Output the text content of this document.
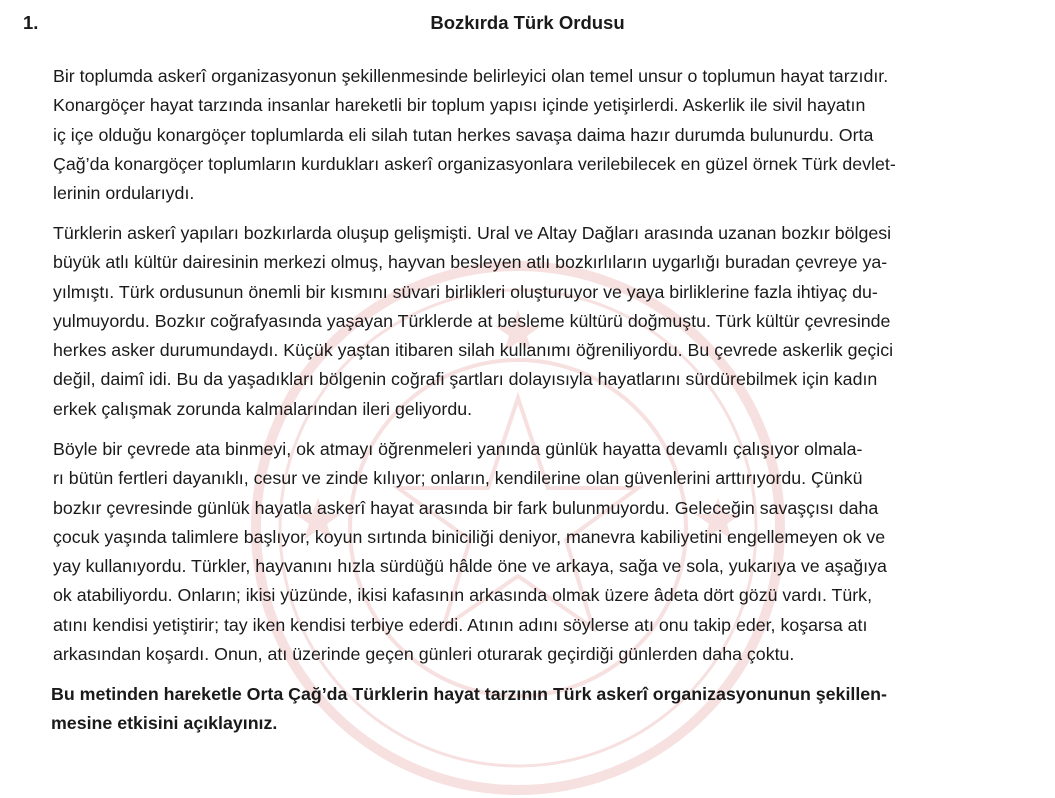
1.	Bozkırda Türk Ordusu

Bir toplumda askerî organizasyonun şekillenmesinde belirleyici olan temel unsur o toplumun hayat tarzıdır.
Konargöçer hayat tarzında insanlar hareketli bir toplum yapısı içinde yetişirlerdi. Askerlik ile sivil hayatın
iç içe olduğu konargöçer toplumlarda eli silah tutan herkes savaşa daima hazır durumda bulunurdu. Orta
Çağ’da konargöçer toplumların kurdukları askerî organizasyonlara verilebilecek en güzel örnek Türk devlet-
lerinin ordularıydı.

Türklerin askerî yapıları bozkırlarda oluşup gelişmişti. Ural ve Altay Dağları arasında uzanan bozkır bölgesi
büyük atlı kültür dairesinin merkezi olmuş, hayvan besleyen atlı bozkırlıların uygarlığı buradan çevreye ya-
yılmıştı. Türk ordusunun önemli bir kısmını süvari birlikleri oluşturuyor ve yaya birliklerine fazla ihtiyaç du-
yulmuyordu. Bozkır coğrafyasında yaşayan Türklerde at besleme kültürü doğmuştu. Türk kültür çevresinde
herkes asker durumundaydı. Küçük yaştan itibaren silah kullanımı öğreniliyordu. Bu çevrede askerlik geçici
değil, daimî idi. Bu da yaşadıkları bölgenin coğrafi şartları dolayısıyla hayatlarını sürdürebilmek için kadın
erkek çalışmak zorunda kalmalarından ileri geliyordu.

Böyle bir çevrede ata binmeyi, ok atmayı öğrenmeleri yanında günlük hayatta devamlı çalışıyor olmala-
rı bütün fertleri dayanıklı, cesur ve zinde kılıyor; onların, kendilerine olan güvenlerini arttırıyordu. Çünkü
bozkır çevresinde günlük hayatla askerî hayat arasında bir fark bulunmuyordu. Geleceğin savaşçısı daha
çocuk yaşında talimlere başlıyor, koyun sırtında biniciliği deniyor, manevra kabiliyetini engellemeyen ok ve
yay kullanıyordu. Türkler, hayvanını hızla sürdüğü hâlde öne ve arkaya, sağa ve sola, yukarıya ve aşağıya
ok atabiliyordu. Onların; ikisi yüzünde, ikisi kafasının arkasında olmak üzere âdeta dört gözü vardı. Türk,
atını kendisi yetiştirir; tay iken kendisi terbiye ederdi. Atının adını söylerse atı onu takip eder, koşarsa atı
arkasından koşardı. Onun, atı üzerinde geçen günleri oturarak geçirdiği günlerden daha çoktu.

Bu metinden hareketle Orta Çağ’da Türklerin hayat tarzının Türk askerî organizasyonunun şekillen-
mesine etkisini açıklayınız.
